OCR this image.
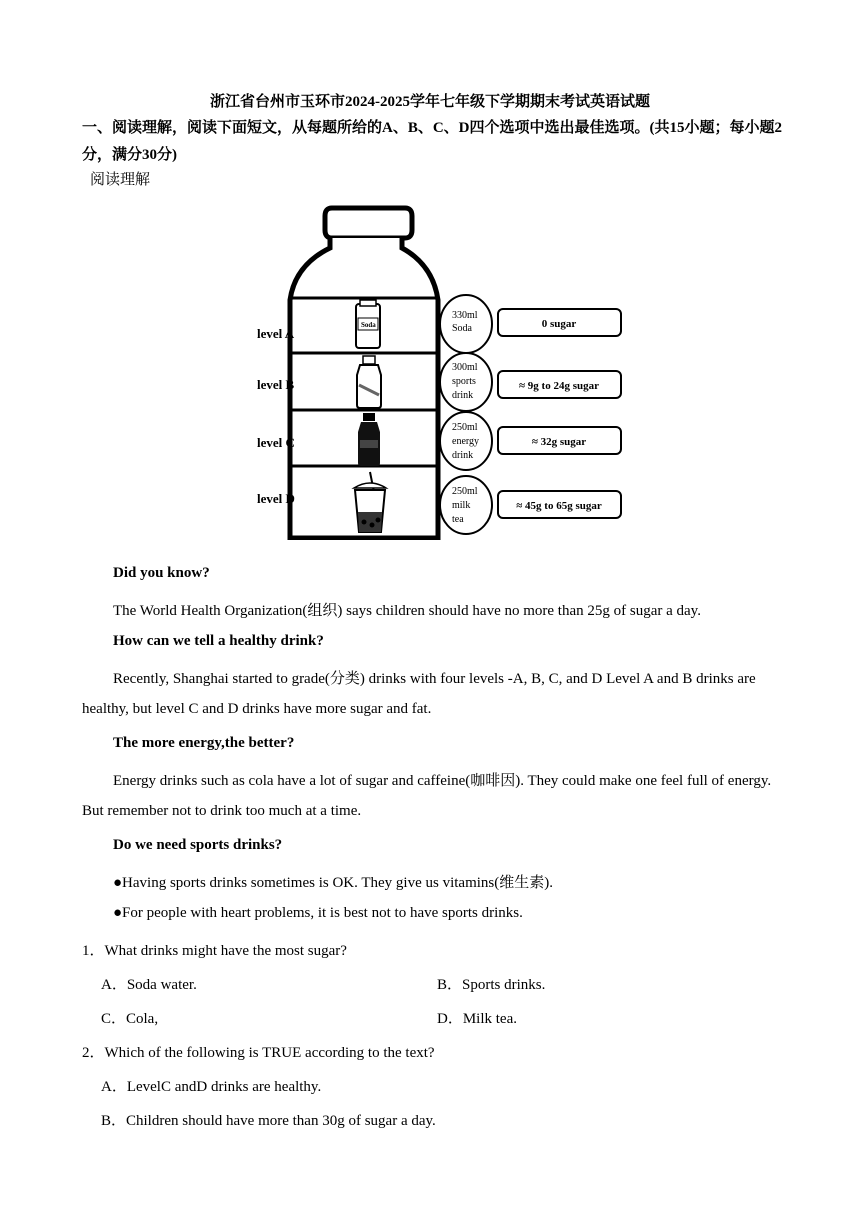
浙江省台州市玉环市2024-2025学年七年级下学期期末考试英语试题
一、阅读理解，阅读下面短文，从每题所给的A、B、C、D四个选项中选出最佳选项。(共15小题；每小题2分，满分30分)
阅读理解
level A
level B
level C
level D
Soda
330ml
Soda
300ml
sports
drink
250ml
energy
drink
250ml
milk
tea
0 sugar
≈ 9g to 24g sugar
≈ 32g sugar
≈ 45g to 65g sugar
Did you know?
The World Health Organization(组织) says children should have no more than 25g of sugar a day.
How can we tell a healthy drink?
Recently, Shanghai started to grade(分类) drinks with four levels -A, B, C, and D Level A and B drinks are
healthy, but level C and D drinks have more sugar and fat.
The more energy,the better?
Energy drinks such as cola have a lot of sugar and caffeine(咖啡因). They could make one feel full of energy.
But remember not to drink too much at a time.
Do we need sports drinks?
●Having sports drinks sometimes is OK. They give us vitamins(维生素).
●For people with heart problems, it is best not to have sports drinks.
1．What drinks might have the most sugar?
A．Soda water.	B．Sports drinks.
C．Cola,	D．Milk tea.
2．Which of the following is TRUE according to the text?
A．LevelC andD drinks are healthy.
B．Children should have more than 30g of sugar a day.
